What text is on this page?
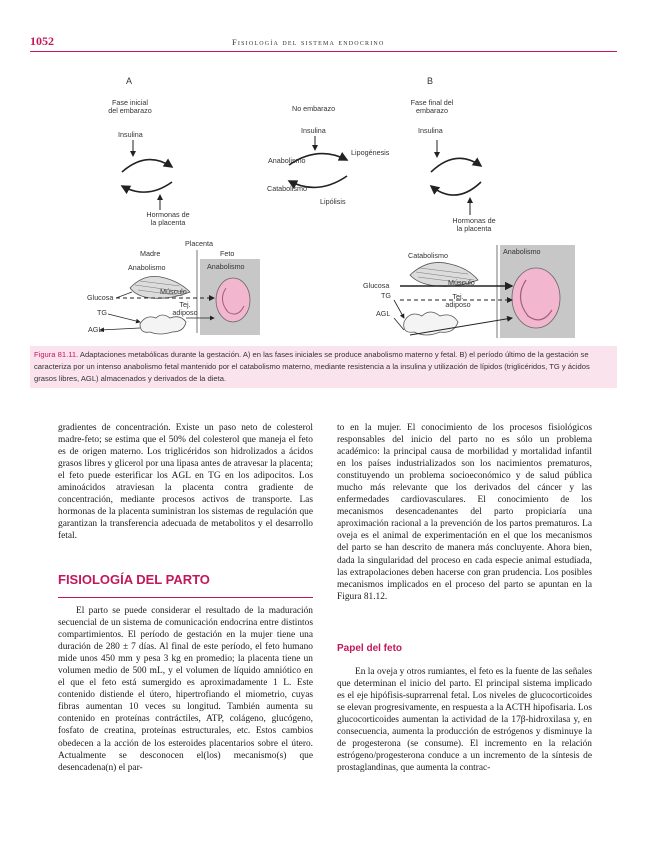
1052	Fisiología del sistema endocrino
A
Fase inicial
del embarazo
Insulina
Hormonas de
la placenta
Placenta
Madre	Feto
Anabolismo	Anabolismo
Músculo
Glucosa
TG
Tej.
adiposo
AGL
No embarazo
Insulina
Lipogénesis
Anabolismo
Catabolismo
Lipólisis
B
Fase final del
embarazo
Insulina
Hormonas de
la placenta
Catabolismo	Anabolismo
Músculo
Glucosa
TG	Tej.
adiposo
AGL
Figura 81.11. Adaptaciones metabólicas durante la gestación. A) en las fases iniciales se produce anabolismo materno y fetal. B) el período último de la gestación se caracteriza por un intenso anabolismo fetal mantenido por el catabolismo materno, mediante resistencia a la insulina y utilización de lípidos (triglicéridos, TG y ácidos grasos libres, AGL) almacenados y derivados de la dieta.

gradientes de concentración. Existe un paso neto de colesterol madre-feto; se estima que el 50% del colesterol que maneja el feto es de origen materno. Los triglicéridos son hidrolizados a ácidos grasos libres y glicerol por una lipasa antes de atravesar la placenta; el feto puede esterificar los AGL en TG en los adipocitos. Los aminoácidos atraviesan la placenta contra gradiente de concentración, mediante procesos activos de transporte. Las hormonas de la placenta suministran los sistemas de regulación que garantizan la transferencia adecuada de metabolitos y el desarrollo fetal.

FISIOLOGÍA DEL PARTO

El parto se puede considerar el resultado de la maduración secuencial de un sistema de comunicación endocrina entre distintos compartimientos. El período de gestación en la mujer tiene una duración de 280 ± 7 días. Al final de este período, el feto humano mide unos 450 mm y pesa 3 kg en promedio; la placenta tiene un volumen medio de 500 mL, y el volumen de líquido amniótico en el que el feto está sumergido es aproximadamente 1 L. Este contenido distiende el útero, hipertrofiando el miometrio, cuyas fibras aumentan 10 veces su longitud. También aumenta su contenido en proteínas contráctiles, ATP, colágeno, glucógeno, fosfato de creatina, proteínas estructurales, etc. Estos cambios obedecen a la acción de los esteroides placentarios sobre el útero. Actualmente se desconocen el(los) mecanismo(s) que desencadena(n) el par-

to en la mujer. El conocimiento de los procesos fisiológicos responsables del inicio del parto no es sólo un problema académico: la principal causa de morbilidad y mortalidad infantil en los países industrializados son los nacimientos prematuros, constituyendo un problema socioeconómico y de salud pública mucho más relevante que los derivados del cáncer y las enfermedades cardiovasculares. El conocimiento de los mecanismos desencadenantes del parto propiciaría una aproximación racional a la prevención de los partos prematuros. La oveja es el animal de experimentación en el que los mecanismos del parto se han descrito de manera más concluyente. Ahora bien, dada la singularidad del proceso en cada especie animal estudiada, las extrapolaciones deben hacerse con gran prudencia. Los posibles mecanismos implicados en el proceso del parto se apuntan en la Figura 81.12.

Papel del feto

En la oveja y otros rumiantes, el feto es la fuente de las señales que determinan el inicio del parto. El principal sistema implicado es el eje hipófisis-suprarrenal fetal. Los niveles de glucocorticoides se elevan progresivamente, en respuesta a la ACTH hipofisaria. Los glucocorticoides aumentan la actividad de la 17β-hidroxilasa y, en consecuencia, aumenta la producción de estrógenos y disminuye la de progesterona (se consume). El incremento en la relación estrógeno/progesterona conduce a un incremento de la síntesis de prostaglandinas, que aumenta la contrac-
